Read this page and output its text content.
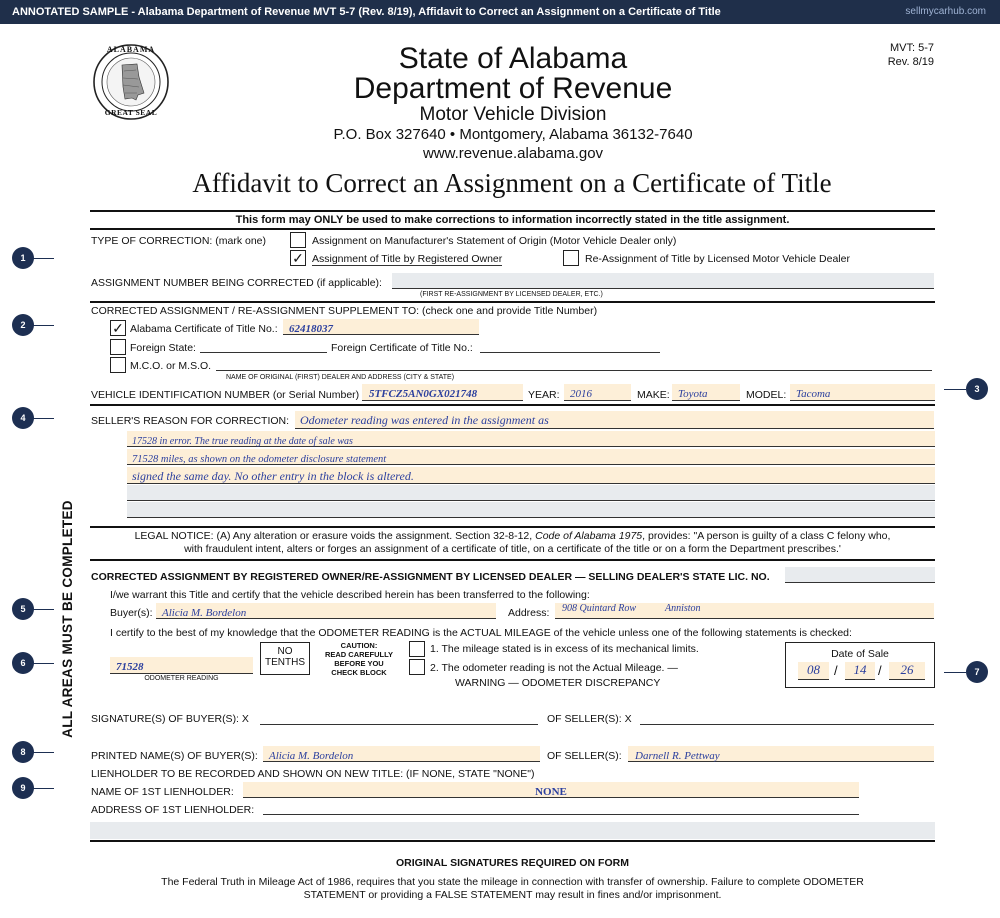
ANNOTATED SAMPLE - Alabama Department of Revenue MVT 5-7 (Rev. 8/19), Affidavit to Correct an Assignment on a Certificate of Title	sellmycarhub.com
ALABAMA
GREAT SEAL
State of Alabama
Department of Revenue
Motor Vehicle Division
P.O. Box 327640 • Montgomery, Alabama 36132-7640
www.revenue.alabama.gov
MVT: 5-7
Rev. 8/19
Affidavit to Correct an Assignment on a Certificate of Title
This form may ONLY be used to make corrections to information incorrectly stated in the title assignment.
ALL AREAS MUST BE COMPLETED
1
2
3
4
5
6
7
8
9
TYPE OF CORRECTION: (mark one)	Assignment on Manufacturer's Statement of Origin (Motor Vehicle Dealer only)
✓ Assignment of Title by Registered Owner	Re-Assignment of Title by Licensed Motor Vehicle Dealer
ASSIGNMENT NUMBER BEING CORRECTED (if applicable):
(FIRST RE-ASSIGNMENT BY LICENSED DEALER, ETC.)
CORRECTED ASSIGNMENT / RE-ASSIGNMENT SUPPLEMENT TO: (check one and provide Title Number)
✓ Alabama Certificate of Title No.:	62418037
Foreign State:	Foreign Certificate of Title No.:
M.C.O. or M.S.O.
NAME OF ORIGINAL (FIRST) DEALER AND ADDRESS (CITY & STATE)
VEHICLE IDENTIFICATION NUMBER (or Serial Number) 5TFCZ5AN0GX021748	YEAR: 2016	MAKE: Toyota	MODEL: Tacoma
SELLER'S REASON FOR CORRECTION: Odometer reading was entered in the assignment as
17528 in error. The true reading at the date of sale was
71528 miles, as shown on the odometer disclosure statement
signed the same day. No other entry in the block is altered.
LEGAL NOTICE: (A) Any alteration or erasure voids the assignment. Section 32-8-12, Code of Alabama 1975, provides: "A person is guilty of a class C felony who,
with fraudulent intent, alters or forges an assignment of a certificate of title, on a certificate of the title or on a form the Department prescribes.'
CORRECTED ASSIGNMENT BY REGISTERED OWNER/RE-ASSIGNMENT BY LICENSED DEALER — SELLING DEALER'S STATE LIC. NO.
I/we warrant this Title and certify that the vehicle described herein has been transferred to the following:
Buyer(s): Alicia M. Bordelon	Address: 908 Quintard Row	Anniston
I certify to the best of my knowledge that the ODOMETER READING is the ACTUAL MILEAGE of the vehicle unless one of the following statements is checked:
71528
ODOMETER READING
NO
TENTHS
CAUTION:
READ CAREFULLY
BEFORE YOU
CHECK BLOCK
1. The mileage stated is in excess of its mechanical limits.
2. The odometer reading is not the Actual Mileage. —
WARNING — ODOMETER DISCREPANCY
Date of Sale
08	/	14 /	26
SIGNATURE(S) OF BUYER(S): X	OF SELLER(S): X
PRINTED NAME(S) OF BUYER(S):	Alicia M. Bordelon	OF SELLER(S):	Darnell R. Pettway
LIENHOLDER TO BE RECORDED AND SHOWN ON NEW TITLE: (IF NONE, STATE "NONE")
NAME OF 1ST LIENHOLDER:	NONE
ADDRESS OF 1ST LIENHOLDER:
ORIGINAL SIGNATURES REQUIRED ON FORM
The Federal Truth in Mileage Act of 1986, requires that you state the mileage in connection with transfer of ownership. Failure to complete ODOMETER
STATEMENT or providing a FALSE STATEMENT may result in fines and/or imprisonment.
